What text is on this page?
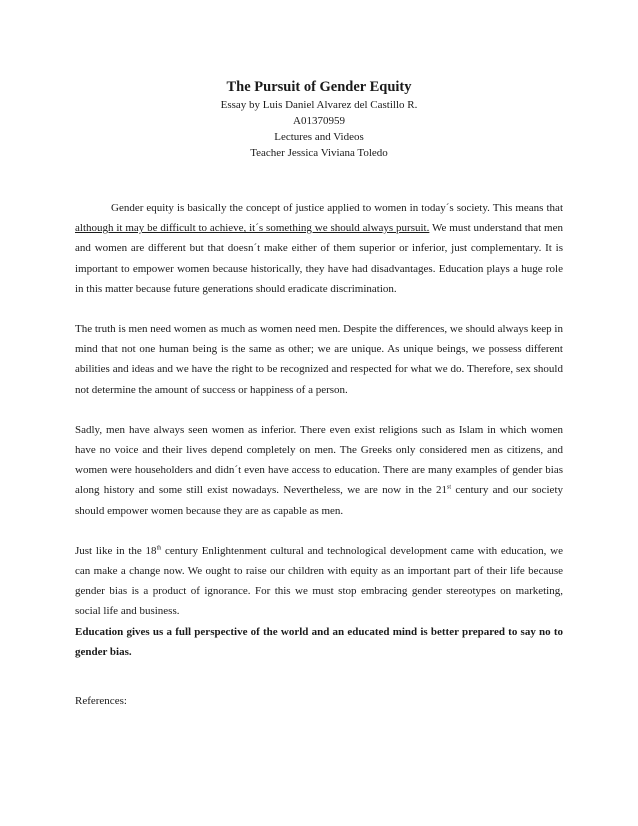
The Pursuit of Gender Equity

Essay by Luis Daniel Alvarez del Castillo R.

A01370959

Lectures and Videos

Teacher Jessica Viviana Toledo

Gender equity is basically the concept of justice applied to women in today´s society. This means that although it may be difficult to achieve, it´s something we should always pursuit. We must understand that men and women are different but that doesn´t make either of them superior or inferior, just complementary. It is important to empower women because historically, they have had disadvantages. Education plays a huge role in this matter because future generations should eradicate discrimination.

The truth is men need women as much as women need men. Despite the differences, we should always keep in mind that not one human being is the same as other; we are unique. As unique beings, we possess different abilities and ideas and we have the right to be recognized and respected for what we do. Therefore, sex should not determine the amount of success or happiness of a person.

Sadly, men have always seen women as inferior. There even exist religions such as Islam in which women have no voice and their lives depend completely on men. The Greeks only considered men as citizens, and women were householders and didn´t even have access to education. There are many examples of gender bias along history and some still exist nowadays. Nevertheless, we are now in the 21st century and our society should empower women because they are as capable as men.

Just like in the 18th century Enlightenment cultural and technological development came with education, we can make a change now. We ought to raise our children with equity as an important part of their life because gender bias is a product of ignorance. For this we must stop embracing gender stereotypes on marketing, social life and business.

Education gives us a full perspective of the world and an educated mind is better prepared to say no to gender bias.

References:
